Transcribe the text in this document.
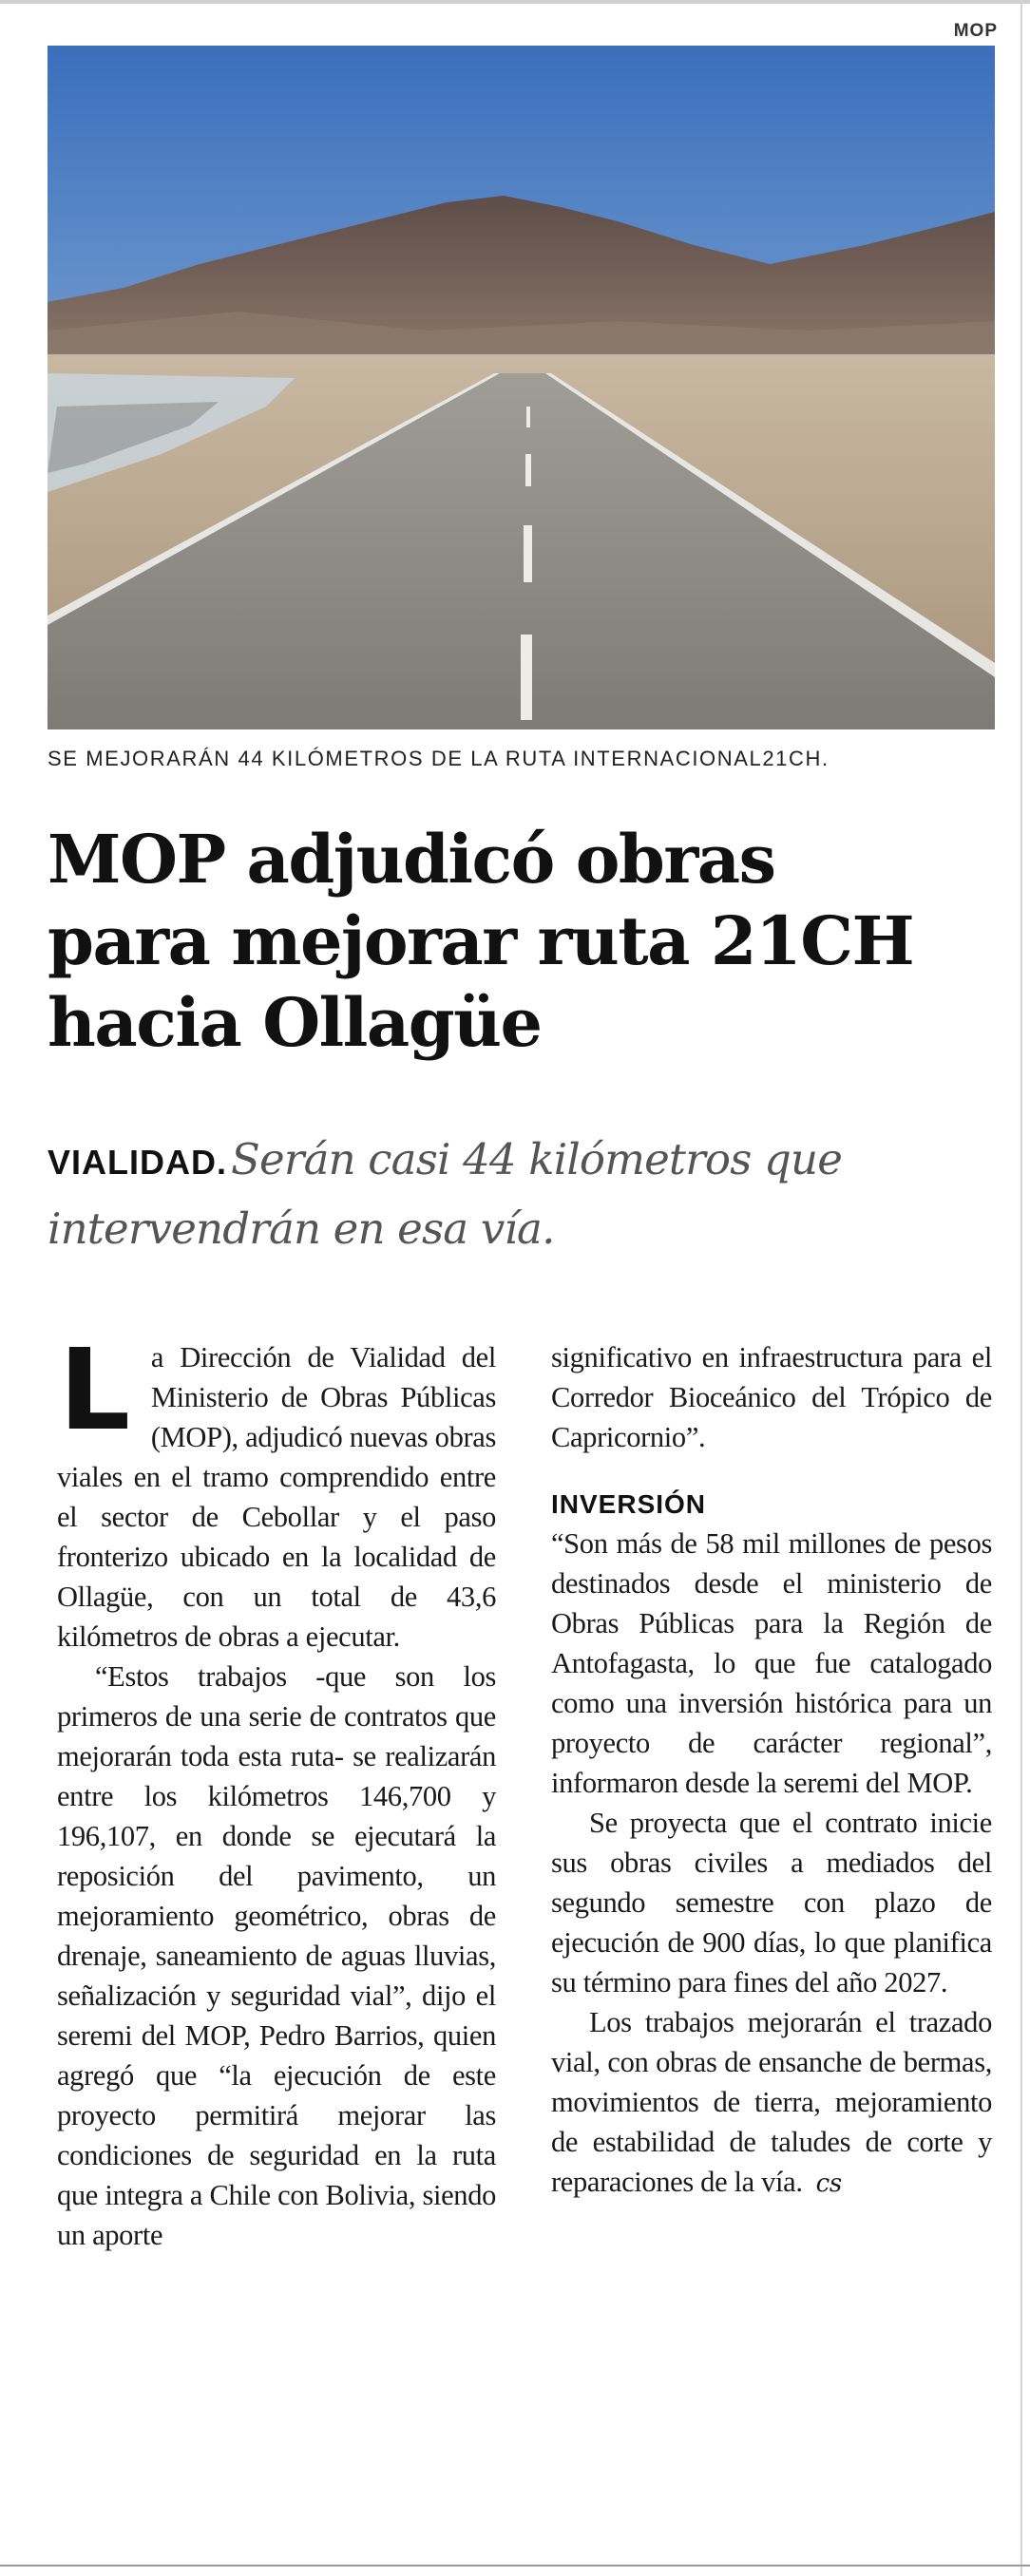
MOP
SE MEJORARÁN 44 KILÓMETROS DE LA RUTA INTERNACIONAL21CH.
MOP adjudicó obras
para mejorar ruta 21CH
hacia Ollagüe
VIALIDAD. Serán casi 44 kilómetros que intervendrán en esa vía.

La Dirección de Vialidad del Ministerio de Obras Públicas (MOP), adjudicó nuevas obras viales en el tramo comprendido entre el sector de Cebollar y el paso fronterizo ubicado en la localidad de Ollagüe, con un total de 43,6 kilómetros de obras a ejecutar.

“Estos trabajos -que son los primeros de una serie de contratos que mejorarán toda esta ruta- se realizarán entre los kilómetros 146,700 y 196,107, en donde se ejecutará la reposición del pavimento, un mejoramiento geométrico, obras de drenaje, saneamiento de aguas lluvias, señalización y seguridad vial”, dijo el seremi del MOP, Pedro Barrios, quien agregó que “la ejecución de este proyecto permitirá mejorar las condiciones de seguridad en la ruta que integra a Chile con Bolivia, siendo un aporte

significativo en infraestructura para el Corredor Bioceánico del Trópico de Capricornio”.

INVERSIÓN

“Son más de 58 mil millones de pesos destinados desde el ministerio de Obras Públicas para la Región de Antofagasta, lo que fue catalogado como una inversión histórica para un proyecto de carácter regional”, informaron desde la seremi del MOP.

Se proyecta que el contrato inicie sus obras civiles a mediados del segundo semestre con plazo de ejecución de 900 días, lo que planifica su término para fines del año 2027.

Los trabajos mejorarán el trazado vial, con obras de ensanche de bermas, movimientos de tierra, mejoramiento de estabilidad de taludes de corte y reparaciones de la vía. cs
